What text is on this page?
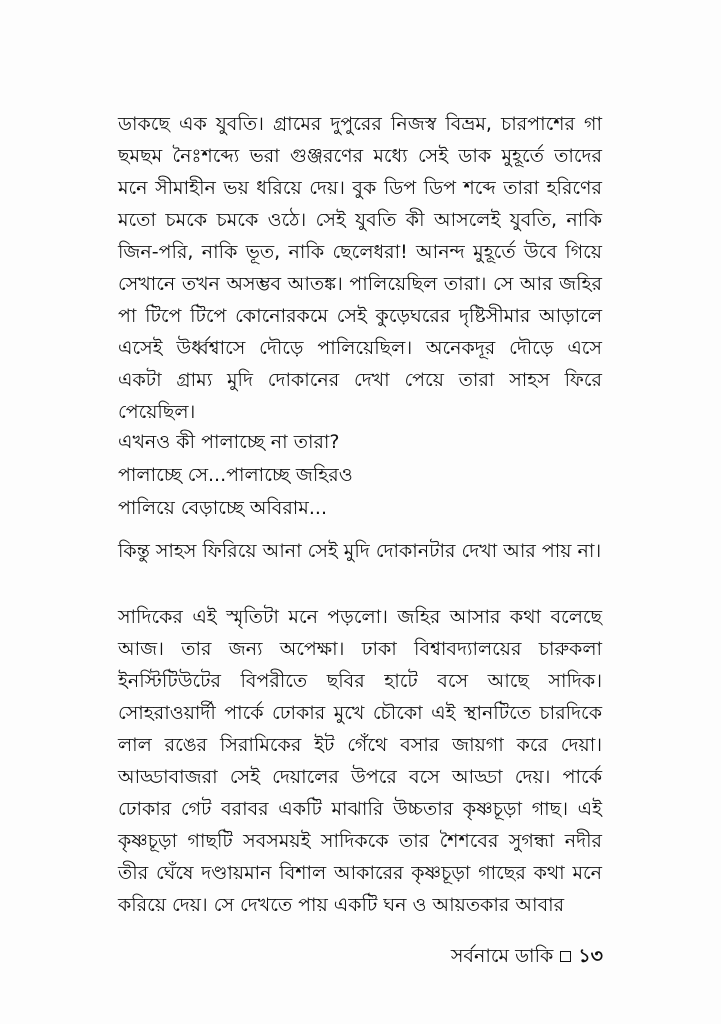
ডাকছে এক যুবতি। গ্রামের দুপুরের নিজস্ব বিভ্রম, চারপাশের গা ছমছম নৈঃশব্দ্যে ভরা গুঞ্জরণের মধ্যে সেই ডাক মুহূর্তে তাদের মনে সীমাহীন ভয় ধরিয়ে দেয়। বুক ডিপ ডিপ শব্দে তারা হরিণের মতো চমকে চমকে ওঠে। সেই যুবতি কী আসলেই যুবতি, নাকি জিন-পরি, নাকি ভূত, নাকি ছেলেধরা! আনন্দ মুহূর্তে উবে গিয়ে সেখানে তখন অসম্ভব আতঙ্ক। পালিয়েছিল তারা। সে আর জহির পা টিপে টিপে কোনোরকমে সেই কুড়েঘরের দৃষ্টিসীমার আড়ালে এসেই উর্ধ্বশ্বাসে দৌড়ে পালিয়েছিল। অনেকদূর দৌড়ে এসে একটা গ্রাম্য মুদি দোকানের দেখা পেয়ে তারা সাহস ফিরে পেয়েছিল।

এখনও কী পালাচ্ছে না তারা?
পালাচ্ছে সে...পালাচ্ছে জহিরও
পালিয়ে বেড়াচ্ছে অবিরাম...

কিন্তু সাহস ফিরিয়ে আনা সেই মুদি দোকানটার দেখা আর পায় না।

সাদিকের এই স্মৃতিটা মনে পড়লো। জহির আসার কথা বলেছে আজ। তার জন্য অপেক্ষা। ঢাকা বিশ্বাবদ্যালয়ের চারুকলা ইনস্টিটিউটের বিপরীতে ছবির হাটে বসে আছে সাদিক। সোহরাওয়ার্দী পার্কে ঢোকার মুখে চৌকো এই স্থানটিতে চারদিকে লাল রঙের সিরামিকের ইট গেঁথে বসার জায়গা করে দেয়া। আড্ডাবাজরা সেই দেয়ালের উপরে বসে আড্ডা দেয়। পার্কে ঢোকার গেট বরাবর একটি মাঝারি উচ্চতার কৃষ্ণচূড়া গাছ। এই কৃষ্ণচূড়া গাছটি সবসময়ই সাদিককে তার শৈশবের সুগন্ধা নদীর তীর ঘেঁষে দণ্ডায়মান বিশাল আকারের কৃষ্ণচূড়া গাছের কথা মনে করিয়ে দেয়। সে দেখতে পায় একটি ঘন ও আয়তকার আবার

সর্বনামে ডাকি ১৩
